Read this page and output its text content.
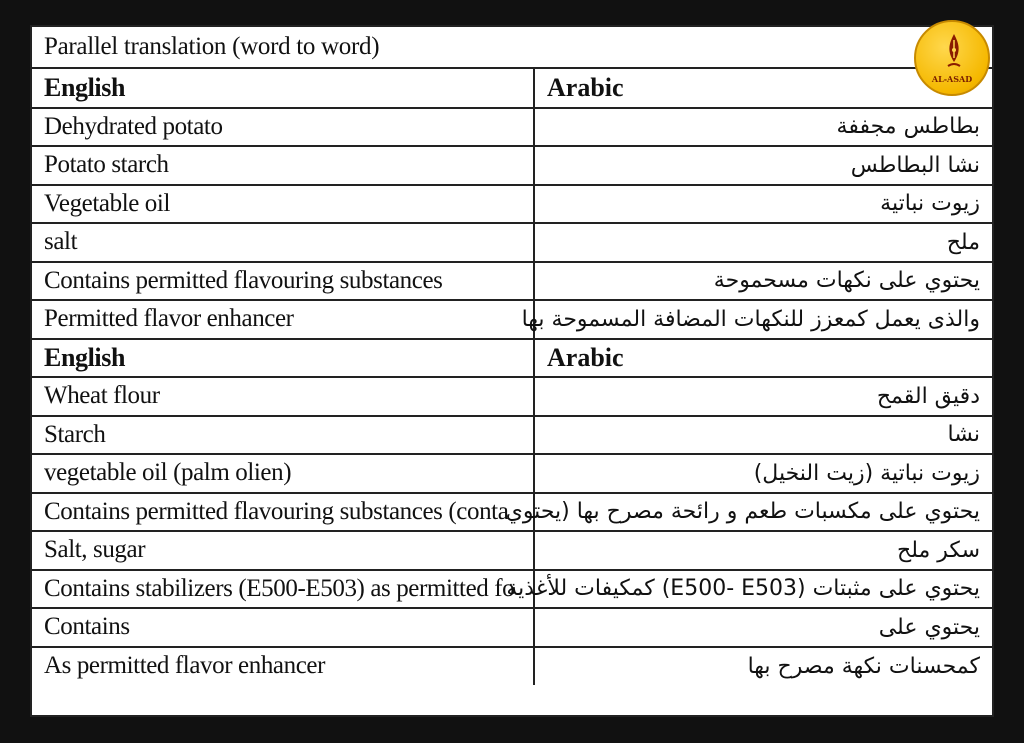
Parallel translation (word to word)
English	Arabic
Dehydrated potato	بطاطس مجففة
Potato starch	نشا البطاطس
Vegetable oil	زيوت نباتية
salt	ملح
Contains permitted flavouring substances	يحتوي على نكهات مسحموحة
Permitted flavor enhancer	والذى يعمل كمعزز للنكهات المضافة المسموحة بها
English	Arabic
Wheat flour	دقيق القمح
Starch	نشا
vegetable oil (palm olien)	زيوت نباتية (زيت النخيل)
Contains permitted flavouring substances (conta	يحتوي على مكسبات طعم و رائحة مصرح بها (يحتوي
Salt, sugar	سكر ملح
Contains stabilizers (E500-E503) as permitted fo	يحتوي على مثبتات (E500- E503) كمكيفات للأغذية
Contains	يحتوي على
As permitted flavor enhancer	كمحسنات نكهة مصرح بها
AL-ASAD
